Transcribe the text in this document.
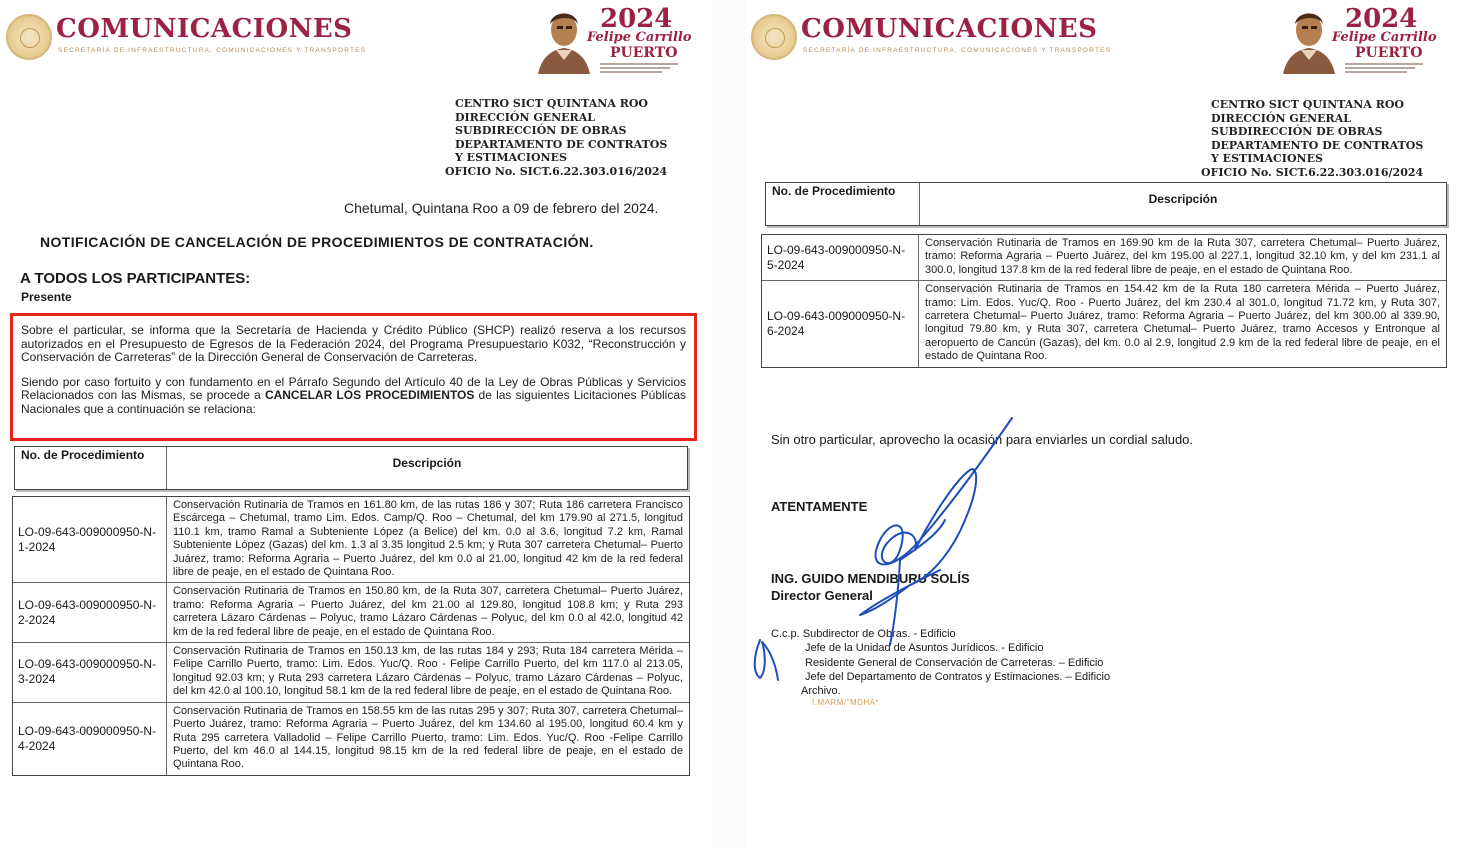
COMUNICACIONES
SECRETARÍA DE INFRAESTRUCTURA, COMUNICACIONES Y TRANSPORTES
2024
Felipe Carrillo
PUERTO
CENTRO SICT QUINTANA ROO
DIRECCIÓN GENERAL
SUBDIRECCIÓN DE OBRAS
DEPARTAMENTO DE CONTRATOS
Y ESTIMACIONES
OFICIO No. SICT.6.22.303.016/2024
Chetumal, Quintana Roo a 09 de febrero del 2024.
NOTIFICACIÓN DE CANCELACIÓN DE PROCEDIMIENTOS DE CONTRATACIÓN.
A TODOS LOS PARTICIPANTES:
Presente

Sobre el particular, se informa que la Secretaría de Hacienda y Crédito Público (SHCP) realizó reserva a los recursos autorizados en el Presupuesto de Egresos de la Federación 2024, del Programa Presupuestario K032, “Reconstrucción y Conservación de Carreteras” de la Dirección General de Conservación de Carreteras.

Siendo por caso fortuito y con fundamento en el Párrafo Segundo del Artículo 40 de la Ley de Obras Públicas y Servicios Relacionados con las Mismas, se procede a CANCELAR LOS PROCEDIMIENTOS de las siguientes Licitaciones Públicas Nacionales que a continuación se relaciona:

No. de Procedimiento
Descripción
LO-09-643-009000950-N-1-2024
Conservación Rutinaria de Tramos en 161.80 km, de las rutas 186 y 307; Ruta 186 carretera Francisco Escárcega – Chetumal, tramo Lim. Edos. Camp/Q. Roo – Chetumal, del km 179.90 al 271.5, longitud 110.1 km, tramo Ramal a Subteniente López (a Belice) del km. 0.0 al 3.6, longitud 7.2 km, Ramal Subteniente López (Gazas) del km. 1.3 al 3.35 longitud 2.5 km; y Ruta 307 carretera Chetumal– Puerto Juárez, tramo: Reforma Agraria – Puerto Juárez, del km 0.0 al 21.00, longitud 42 km de la red federal libre de peaje, en el estado de Quintana Roo.
LO-09-643-009000950-N-2-2024
Conservación Rutinaria de Tramos en 150.80 km, de la Ruta 307, carretera Chetumal– Puerto Juárez, tramo: Reforma Agraria – Puerto Juárez, del km 21.00 al 129.80, longitud 108.8 km; y Ruta 293 carretera Lázaro Cárdenas – Polyuc, tramo Lázaro Cárdenas – Polyuc, del km 0.0 al 42.0, longitud 42 km de la red federal libre de peaje, en el estado de Quintana Roo.
LO-09-643-009000950-N-3-2024
Conservación Rutinaria de Tramos en 150.13 km, de las rutas 184 y 293; Ruta 184 carretera Mérida – Felipe Carrillo Puerto, tramo: Lim. Edos. Yuc/Q. Roo - Felipe Carrillo Puerto, del km 117.0 al 213.05, longitud 92.03 km; y Ruta 293 carretera Lázaro Cárdenas – Polyuc, tramo Lázaro Cárdenas – Polyuc, del km 42.0 al 100.10, longitud 58.1 km de la red federal libre de peaje, en el estado de Quintana Roo.
LO-09-643-009000950-N-4-2024
Conservación Rutinaria de Tramos en 158.55 km de las rutas 295 y 307; Ruta 307, carretera Chetumal– Puerto Juárez, tramo: Reforma Agraria – Puerto Juárez, del km 134.60 al 195.00, longitud 60.4 km y Ruta 295 carretera Valladolid – Felipe Carrillo Puerto, tramo: Lim. Edos. Yuc/Q. Roo -Felipe Carrillo Puerto, del km 46.0 al 144.15, longitud 98.15 km de la red federal libre de peaje, en el estado de Quintana Roo.
COMUNICACIONES
SECRETARÍA DE INFRAESTRUCTURA, COMUNICACIONES Y TRANSPORTES
2024
Felipe Carrillo
PUERTO
CENTRO SICT QUINTANA ROO
DIRECCIÓN GENERAL
SUBDIRECCIÓN DE OBRAS
DEPARTAMENTO DE CONTRATOS
Y ESTIMACIONES
OFICIO No. SICT.6.22.303.016/2024
No. de Procedimiento
Descripción
LO-09-643-009000950-N-5-2024
Conservación Rutinaria de Tramos en 169.90 km de la Ruta 307, carretera Chetumal– Puerto Juárez, tramo: Reforma Agraria – Puerto Juárez, del km 195.00 al 227.1, longitud 32.10 km, y del km 231.1 al 300.0, longitud 137.8 km de la red federal libre de peaje, en el estado de Quintana Roo.
LO-09-643-009000950-N-6-2024
Conservación Rutinaria de Tramos en 154.42 km de la Ruta 180 carretera Mérida – Puerto Juárez, tramo: Lim. Edos. Yuc/Q. Roo - Puerto Juárez, del km 230.4 al 301.0, longitud 71.72 km, y Ruta 307, carretera Chetumal– Puerto Juárez, tramo: Reforma Agraria – Puerto Juárez, del km 300.00 al 339.90, longitud 79.80 km, y Ruta 307, carretera Chetumal– Puerto Juárez, tramo Accesos y Entronque al aeropuerto de Cancún (Gazas), del km. 0.0 al 2.9, longitud 2.9 km de la red federal libre de peaje, en el estado de Quintana Roo.
Sin otro particular, aprovecho la ocasión para enviarles un cordial saludo.
ATENTAMENTE
ING. GUIDO MENDIBURU SOLÍS
Director General
C.c.p. Subdirector de Obras. - Edificio
Jefe de la Unidad de Asuntos Jurídicos. - Edificio
Residente General de Conservación de Carreteras. – Edificio
Jefe del Departamento de Contratos y Estimaciones. – Edificio
Archivo.
I.MARM/"MDHA*
